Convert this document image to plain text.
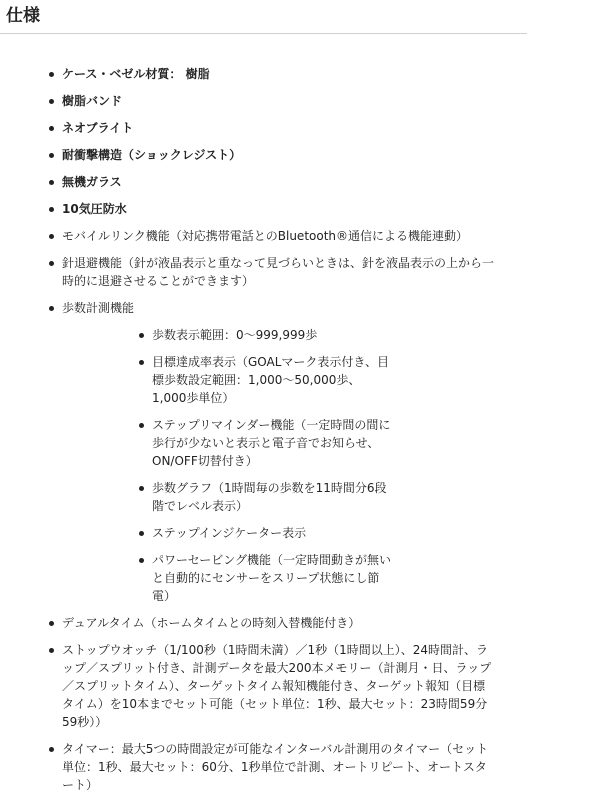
仕様
ケース・ベゼル材質： 樹脂
樹脂バンド
ネオブライト
耐衝撃構造（ショックレジスト）
無機ガラス
10気圧防水
モバイルリンク機能（対応携帯電話とのBluetooth®通信による機能連動）
針退避機能（針が液晶表示と重なって見づらいときは、針を液晶表示の上から一時的に退避させることができます）
歩数計測機能
歩数表示範囲：0～999,999歩
目標達成率表示（GOALマーク表示付き、目標歩数設定範囲：1,000～50,000歩、1,000歩単位）
ステップリマインダー機能（一定時間の間に歩行が少ないと表示と電子音でお知らせ、ON/OFF切替付き）
歩数グラフ（1時間毎の歩数を11時間分6段階でレベル表示）
ステップインジケーター表示
パワーセービング機能（一定時間動きが無いと自動的にセンサーをスリープ状態にし節電）
デュアルタイム（ホームタイムとの時刻入替機能付き）
ストップウオッチ（1/100秒（1時間未満）／1秒（1時間以上）、24時間計、ラップ／スプリット付き、計測データを最大200本メモリー（計測月・日、ラップ／スプリットタイム）、ターゲットタイム報知機能付き、ターゲット報知（目標タイム）を10本までセット可能（セット単位：1秒、最大セット：23時間59分59秒））
タイマー：最大5つの時間設定が可能なインターバル計測用のタイマー（セット単位：1秒、最大セット：60分、1秒単位で計測、オートリピート、オートスタート）
